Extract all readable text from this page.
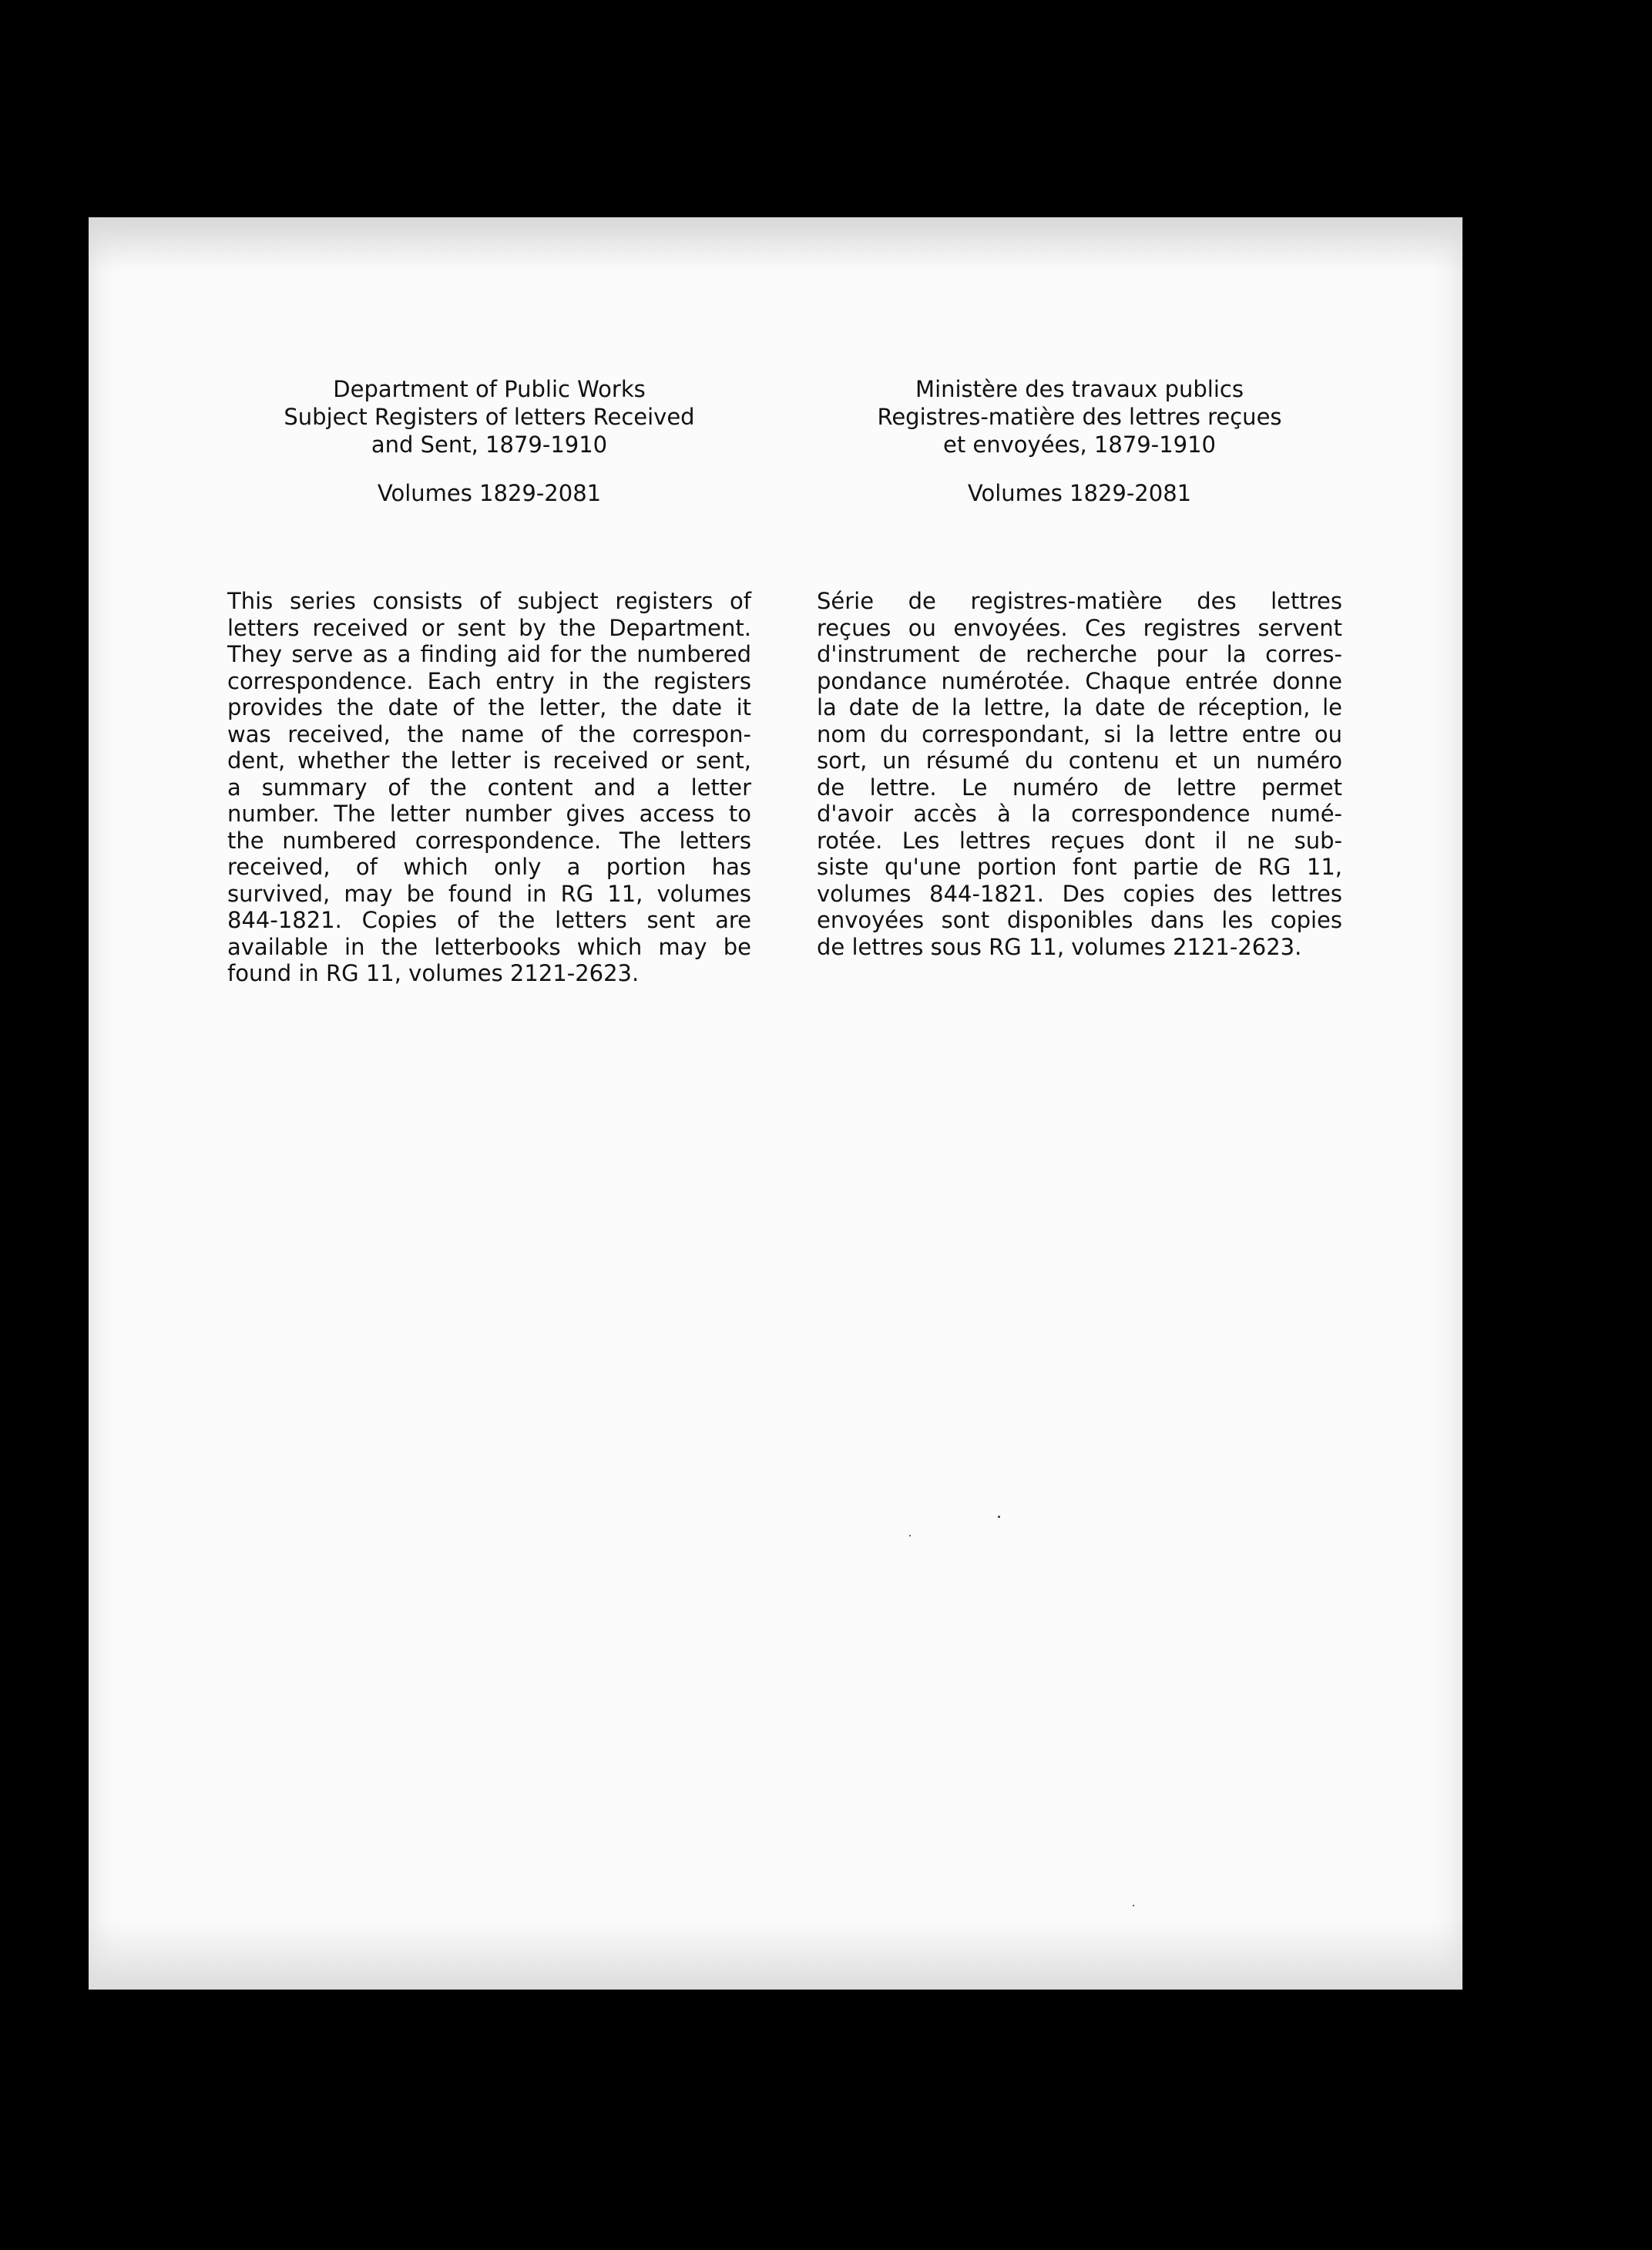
Department of Public Works
Subject Registers of letters Received
and Sent, 1879-1910

Volumes 1829-2081

This series consists of subject registers of
letters received or sent by the Department.
They serve as a finding aid for the numbered
correspondence. Each entry in the registers
provides the date of the letter, the date it
was received, the name of the correspon-
dent, whether the letter is received or sent,
a summary of the content and a letter
number. The letter number gives access to
the numbered correspondence. The letters
received, of which only a portion has
survived, may be found in RG 11, volumes
844-1821. Copies of the letters sent are
available in the letterbooks which may be
found in RG 11, volumes 2121-2623.
Ministère des travaux publics
Registres-matière des lettres reçues
et envoyées, 1879-1910

Volumes 1829-2081

Série de registres-matière des lettres
reçues ou envoyées. Ces registres servent
d'instrument de recherche pour la corres-
pondance numérotée. Chaque entrée donne
la date de la lettre, la date de réception, le
nom du correspondant, si la lettre entre ou
sort, un résumé du contenu et un numéro
de lettre. Le numéro de lettre permet
d'avoir accès à la correspondence numé-
rotée. Les lettres reçues dont il ne sub-
siste qu'une portion font partie de RG 11,
volumes 844-1821. Des copies des lettres
envoyées sont disponibles dans les copies
de lettres sous RG 11, volumes 2121-2623.
